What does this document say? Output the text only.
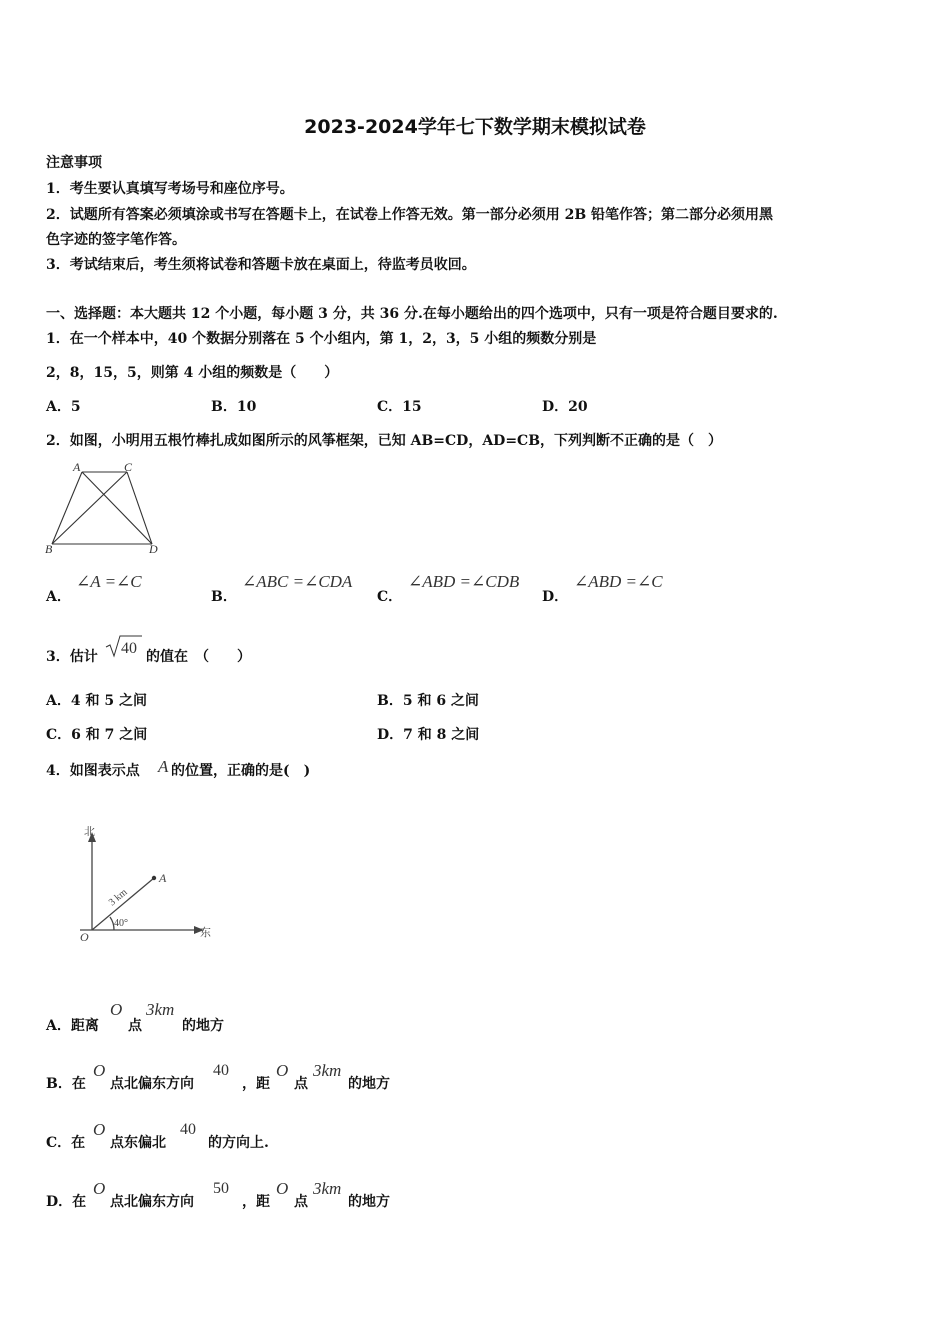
2023-2024学年七下数学期末模拟试卷
注意事项
1．考生要认真填写考场号和座位序号。
2．试题所有答案必须填涂或书写在答题卡上，在试卷上作答无效。第一部分必须用 2B 铅笔作答；第二部分必须用黑
色字迹的签字笔作答。
3．考试结束后，考生须将试卷和答题卡放在桌面上，待监考员收回。
一、选择题：本大题共 12 个小题，每小题 3 分，共 36 分.在每小题给出的四个选项中，只有一项是符合题目要求的.
1．在一个样本中，40 个数据分别落在 5 个小组内，第 1，2，3，5 小组的频数分别是
2，8，15，5，则第 4 小组的频数是（　　）
A．5	B．10	C．15	D．20
2．如图，小明用五根竹棒扎成如图所示的风筝框架，已知 AB=CD，AD=CB，下列判断不正确的是（　）
A	C
B	D
A．
∠A =∠C
B．
∠ABC =∠CDA
C．
∠ABD =∠CDB
D．
∠ABD =∠C
3．估计 40 的值在　（　　）
A．4 和 5 之间	B．5 和 6 之间
C．6 和 7 之间	D．7 和 8 之间
4．如图表示点 A 的位置，正确的是(　)
北
东
O
A
3 km
40°
A．距离
O
点
3km
的地方
B．在
O
点北偏东方向
40
，距
O
点
3km
的地方
C．在
O
点东偏北
40
的方向上.
D．在
O
点北偏东方向
50
，距
O
点
3km
的地方
